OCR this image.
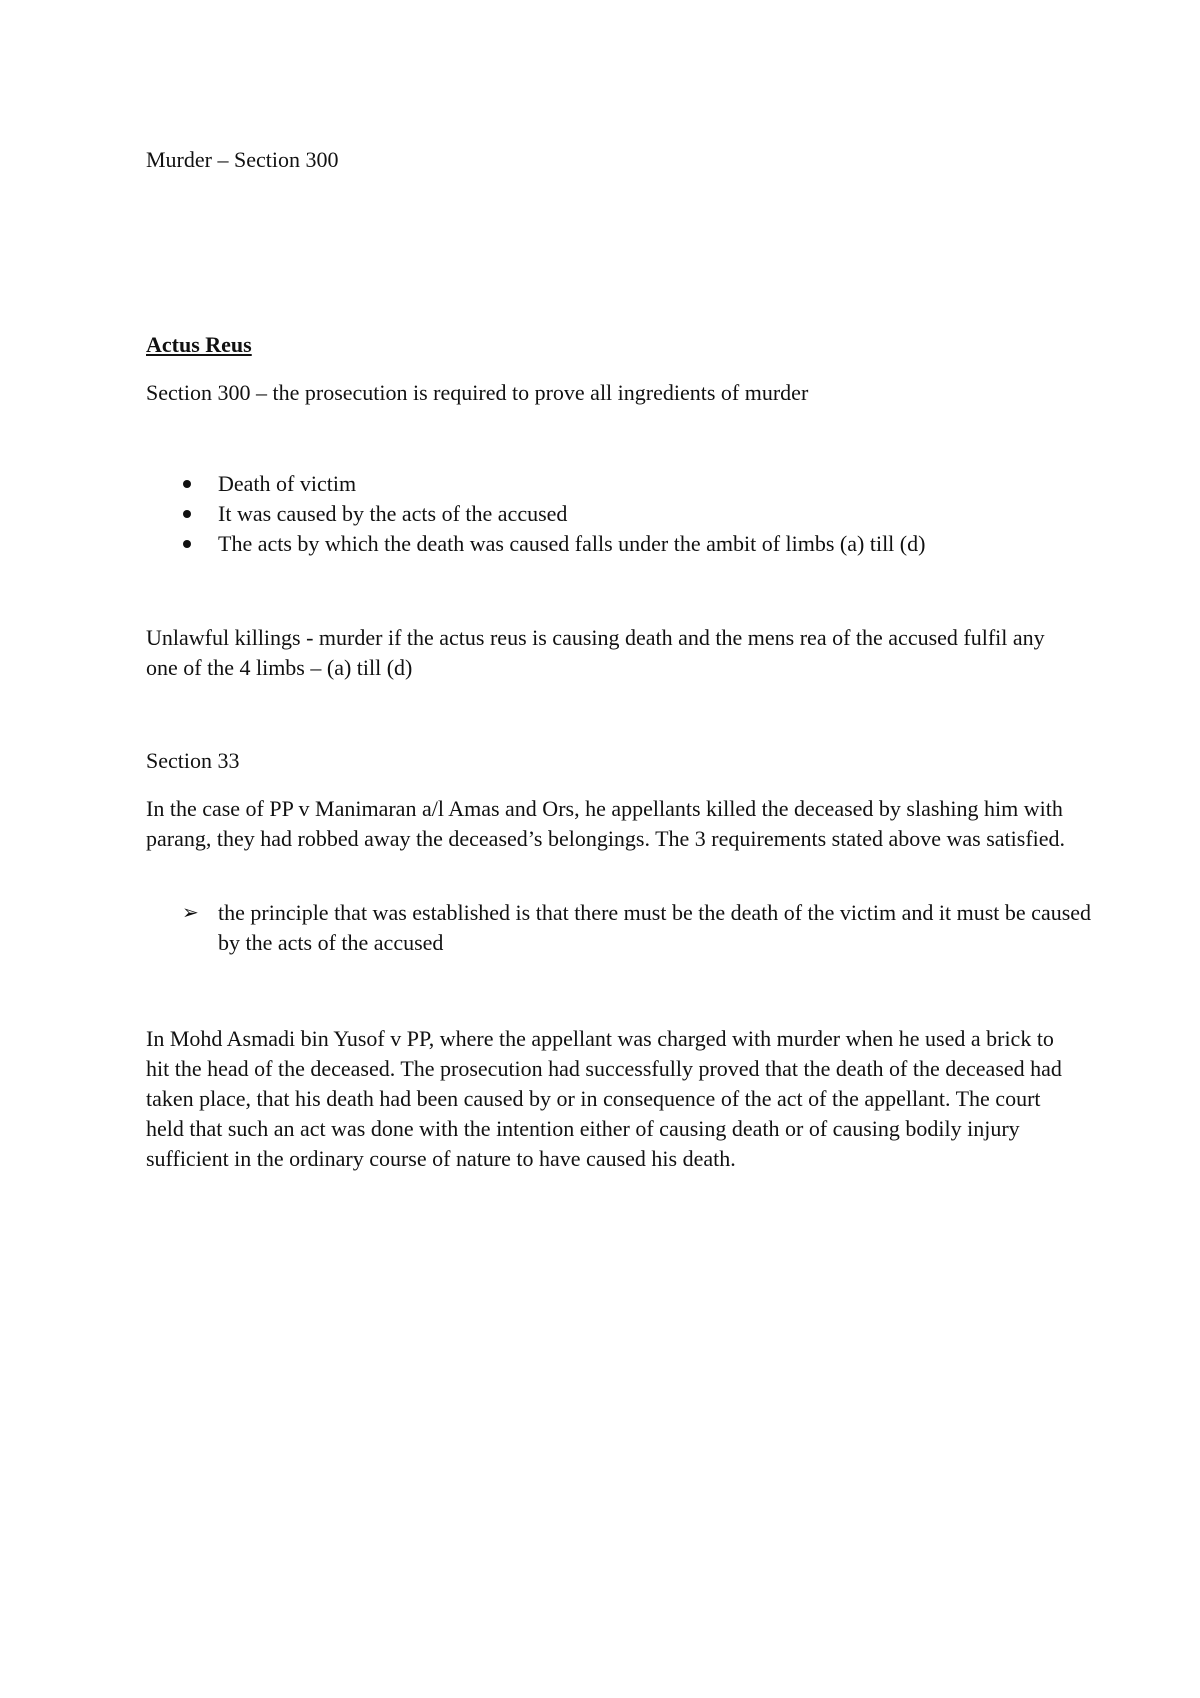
Murder – Section 300
Actus Reus
Section 300 – the prosecution is required to prove all ingredients of murder
Death of victim
It was caused by the acts of the accused
The acts by which the death was caused falls under the ambit of limbs (a) till (d)
Unlawful killings - murder if the actus reus is causing death and the mens rea of the accused fulfil any one of the 4 limbs – (a) till (d)
Section 33
In the case of PP v Manimaran a/l Amas and Ors, he appellants killed the deceased by slashing him with parang, they had robbed away the deceased’s belongings. The 3 requirements stated above was satisfied.
➢ the principle that was established is that there must be the death of the victim and it must be caused by the acts of the accused
In Mohd Asmadi bin Yusof v PP, where the appellant was charged with murder when he used a brick to hit the head of the deceased. The prosecution had successfully proved that the death of the deceased had taken place, that his death had been caused by or in consequence of the act of the appellant. The court held that such an act was done with the intention either of causing death or of causing bodily injury sufficient in the ordinary course of nature to have caused his death.
